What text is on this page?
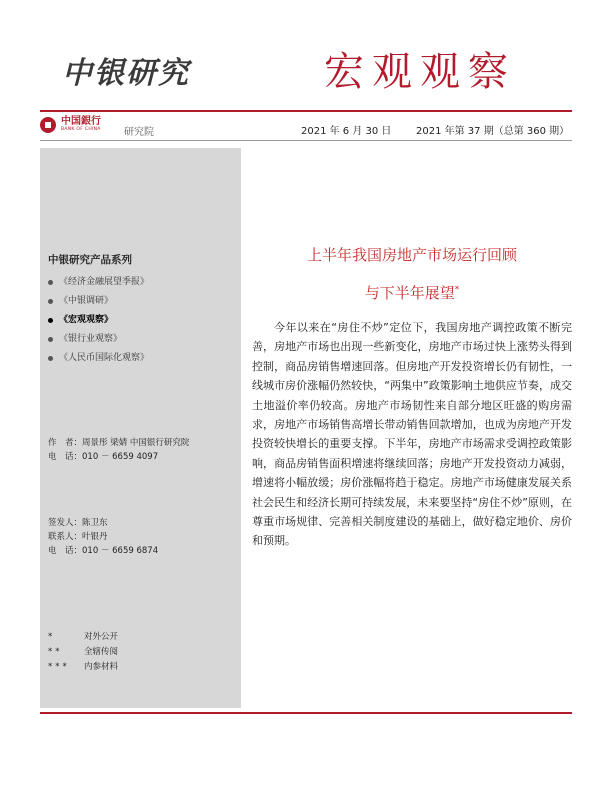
中银研究	宏观观察
中国銀行
BANK OF CHINA 研究院	2021 年 6 月 30 日 2021 年第 37 期（总第 360 期）
中银研究产品系列
《经济金融展望季报》
《中银调研》
《宏观观察》
《银行业观察》
《人民币国际化观察》
作　者： 周景彤 梁婧 中国银行研究院
电　话： 010 － 6659 4097
签发人： 陈卫东
联系人： 叶银丹
电　话： 010 － 6659 6874
*	对外公开
**	全辖传阅
***	内参材料
上半年我国房地产市场运行回顾
与下半年展望*

今年以来在“房住不炒”定位下，我国房地产调控政策不断完善，房地产市场也出现一些新变化，房地产市场过快上涨势头得到控制，商品房销售增速回落。但房地产开发投资增长仍有韧性，一线城市房价涨幅仍然较快，“两集中”政策影响土地供应节奏，成交土地溢价率仍较高。房地产市场韧性来自部分地区旺盛的购房需求，房地产市场销售高增长带动销售回款增加，也成为房地产开发投资较快增长的重要支撑。下半年，房地产市场需求受调控政策影响，商品房销售面积增速将继续回落；房地产开发投资动力减弱，增速将小幅放缓；房价涨幅将趋于稳定。房地产市场健康发展关系社会民生和经济长期可持续发展，未来要坚持“房住不炒”原则，在尊重市场规律、完善相关制度建设的基础上，做好稳定地价、房价和预期。
